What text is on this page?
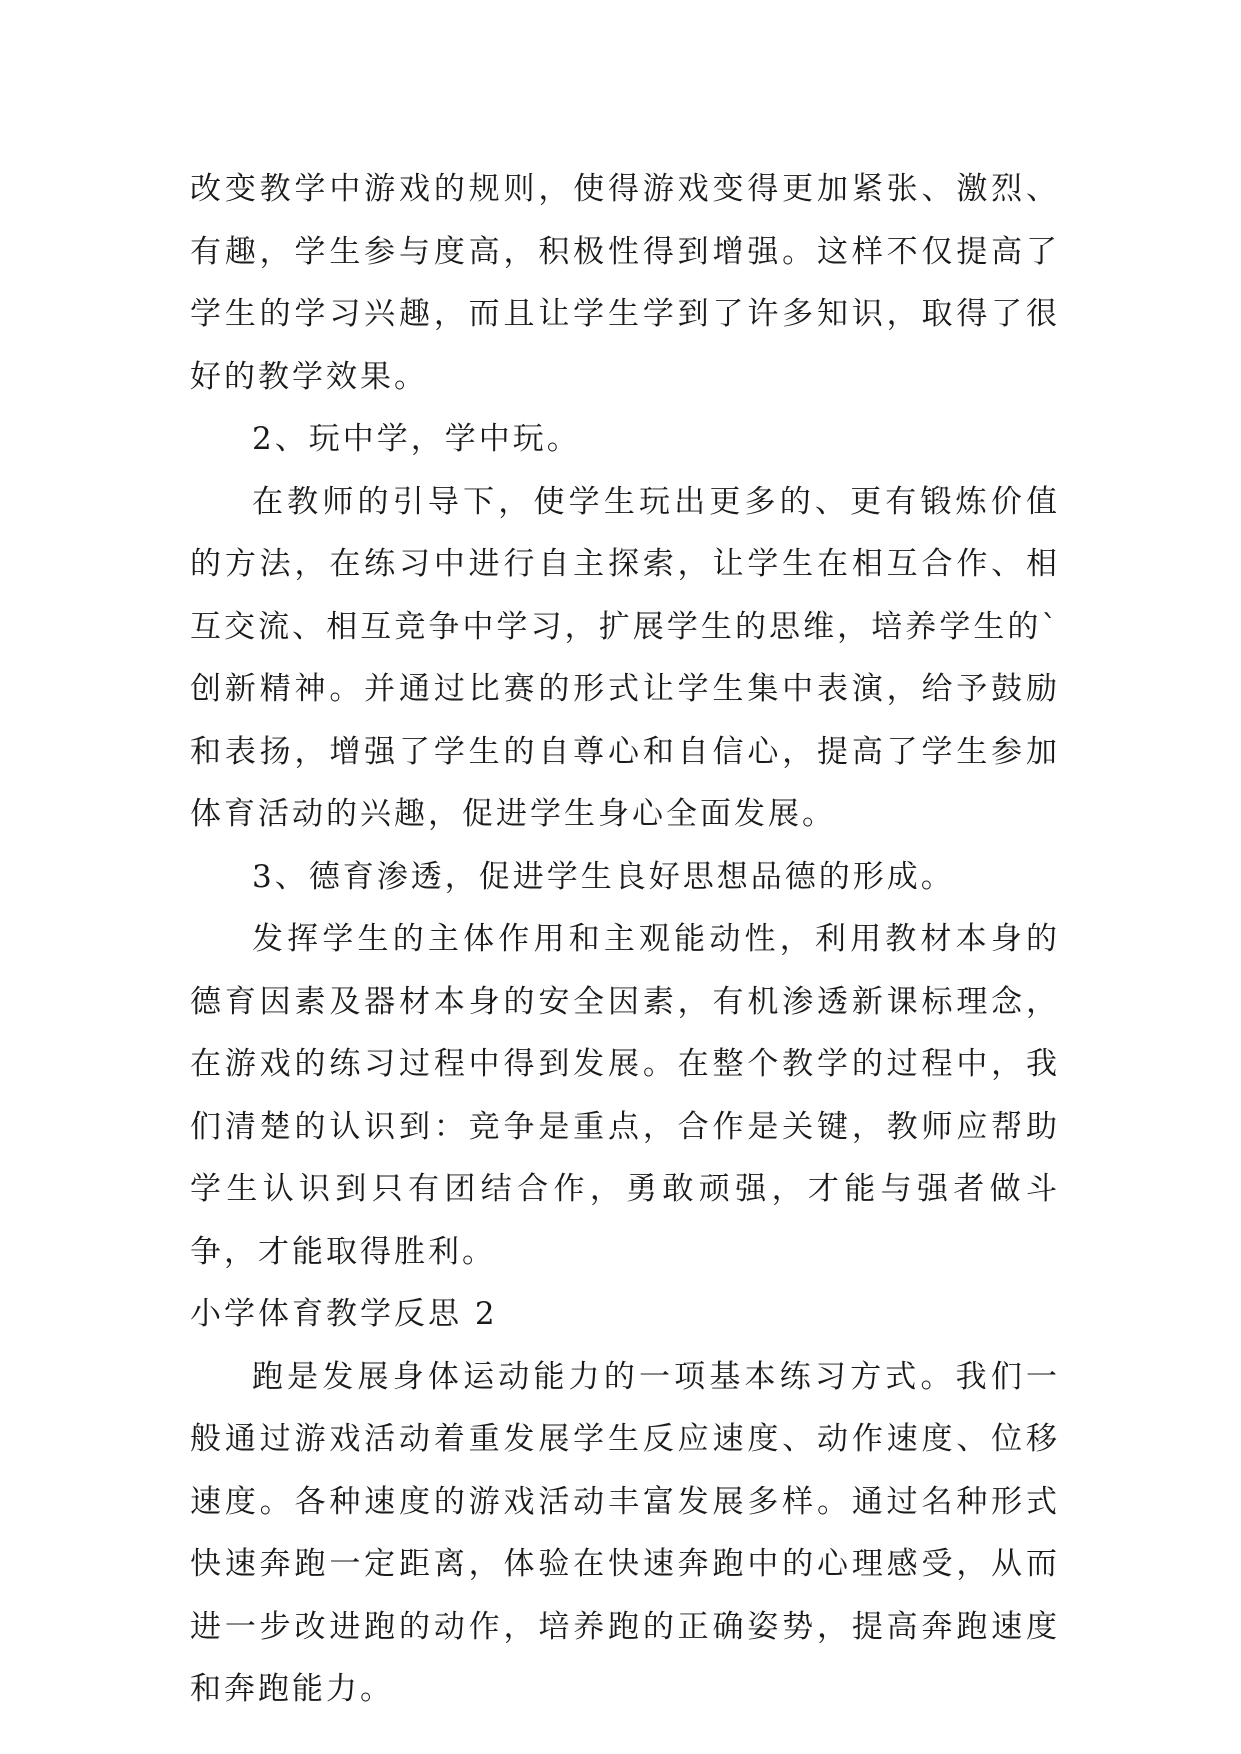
改变教学中游戏的规则，使得游戏变得更加紧张、激烈、有趣，学生参与度高，积极性得到增强。这样不仅提高了学生的学习兴趣，而且让学生学到了许多知识，取得了很好的教学效果。

2、玩中学，学中玩。

在教师的引导下，使学生玩出更多的、更有锻炼价值的方法，在练习中进行自主探索，让学生在相互合作、相互交流、相互竞争中学习，扩展学生的思维，培养学生的`创新精神。并通过比赛的形式让学生集中表演，给予鼓励和表扬，增强了学生的自尊心和自信心，提高了学生参加体育活动的兴趣，促进学生身心全面发展。

3、德育渗透，促进学生良好思想品德的形成。

发挥学生的主体作用和主观能动性，利用教材本身的德育因素及器材本身的安全因素，有机渗透新课标理念，在游戏的练习过程中得到发展。在整个教学的过程中，我们清楚的认识到：竞争是重点，合作是关键，教师应帮助学生认识到只有团结合作，勇敢顽强，才能与强者做斗争，才能取得胜利。

小学体育教学反思 2

跑是发展身体运动能力的一项基本练习方式。我们一般通过游戏活动着重发展学生反应速度、动作速度、位移速度。各种速度的游戏活动丰富发展多样。通过名种形式快速奔跑一定距离，体验在快速奔跑中的心理感受，从而进一步改进跑的动作，培养跑的正确姿势，提高奔跑速度和奔跑能力。
